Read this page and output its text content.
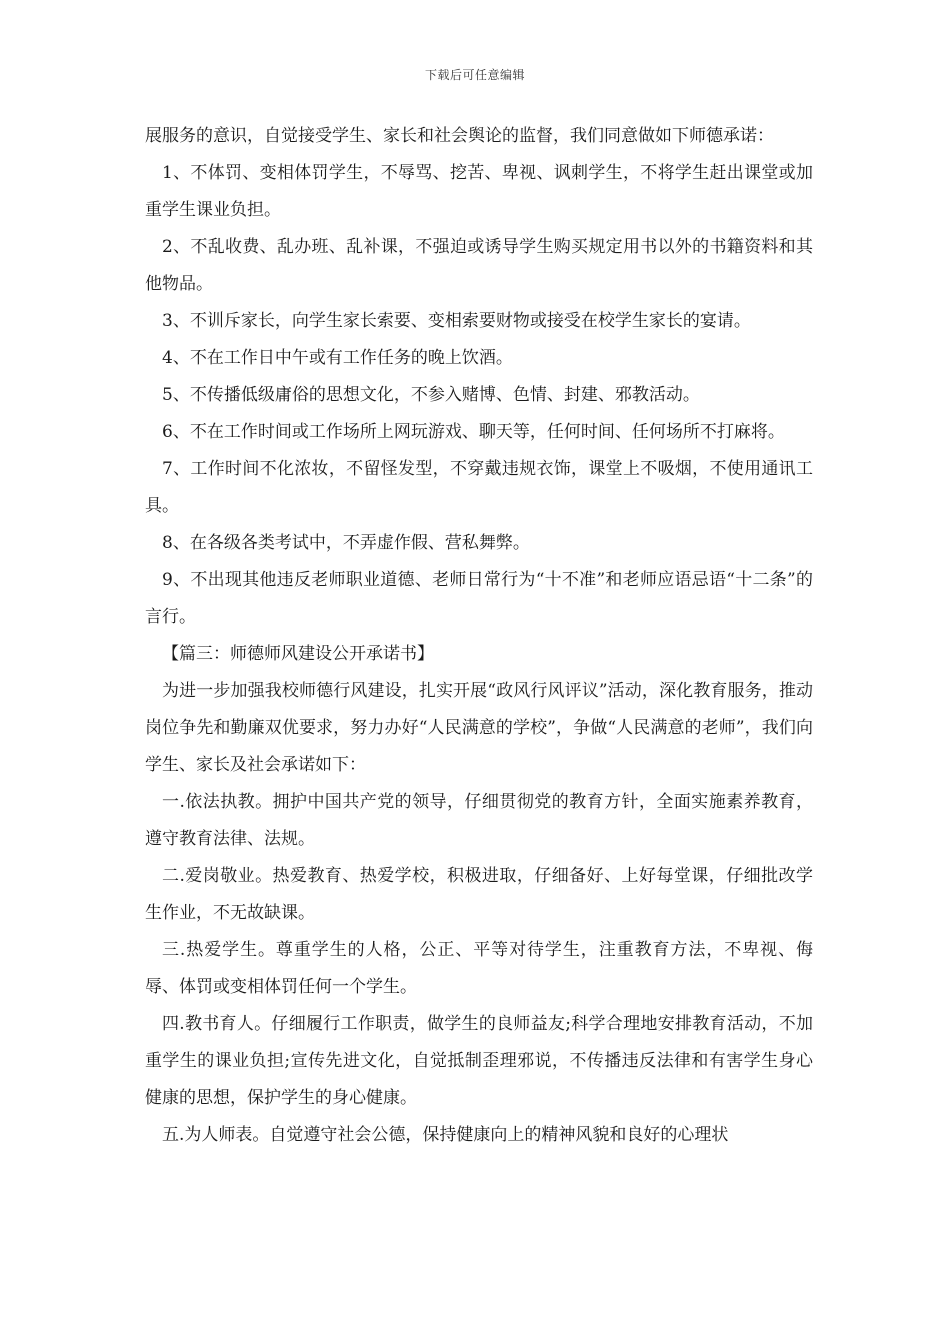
下载后可任意编辑

展服务的意识，自觉接受学生、家长和社会舆论的监督，我们同意做如下师德承诺：

1、不体罚、变相体罚学生，不辱骂、挖苦、卑视、讽刺学生，不将学生赶出课堂或加重学生课业负担。

2、不乱收费、乱办班、乱补课，不强迫或诱导学生购买规定用书以外的书籍资料和其他物品。

3、不训斥家长，向学生家长索要、变相索要财物或接受在校学生家长的宴请。

4、不在工作日中午或有工作任务的晚上饮酒。

5、不传播低级庸俗的思想文化，不参入赌博、色情、封建、邪教活动。

6、不在工作时间或工作场所上网玩游戏、聊天等，任何时间、任何场所不打麻将。

7、工作时间不化浓妆，不留怪发型，不穿戴违规衣饰，课堂上不吸烟，不使用通讯工具。

8、在各级各类考试中，不弄虚作假、营私舞弊。

9、不出现其他违反老师职业道德、老师日常行为“十不准”和老师应语忌语“十二条”的言行。

【篇三：师德师风建设公开承诺书】

为进一步加强我校师德行风建设，扎实开展“政风行风评议”活动，深化教育服务，推动岗位争先和勤廉双优要求，努力办好“人民满意的学校”，争做“人民满意的老师”，我们向学生、家长及社会承诺如下：

一.依法执教。拥护中国共产党的领导，仔细贯彻党的教育方针，全面实施素养教育，遵守教育法律、法规。

二.爱岗敬业。热爱教育、热爱学校，积极进取，仔细备好、上好每堂课，仔细批改学生作业，不无故缺课。

三.热爱学生。尊重学生的人格，公正、平等对待学生，注重教育方法，不卑视、侮辱、体罚或变相体罚任何一个学生。

四.教书育人。仔细履行工作职责，做学生的良师益友;科学合理地安排教育活动，不加重学生的课业负担;宣传先进文化，自觉抵制歪理邪说，不传播违反法律和有害学生身心健康的思想，保护学生的身心健康。

五.为人师表。自觉遵守社会公德，保持健康向上的精神风貌和良好的心理状
